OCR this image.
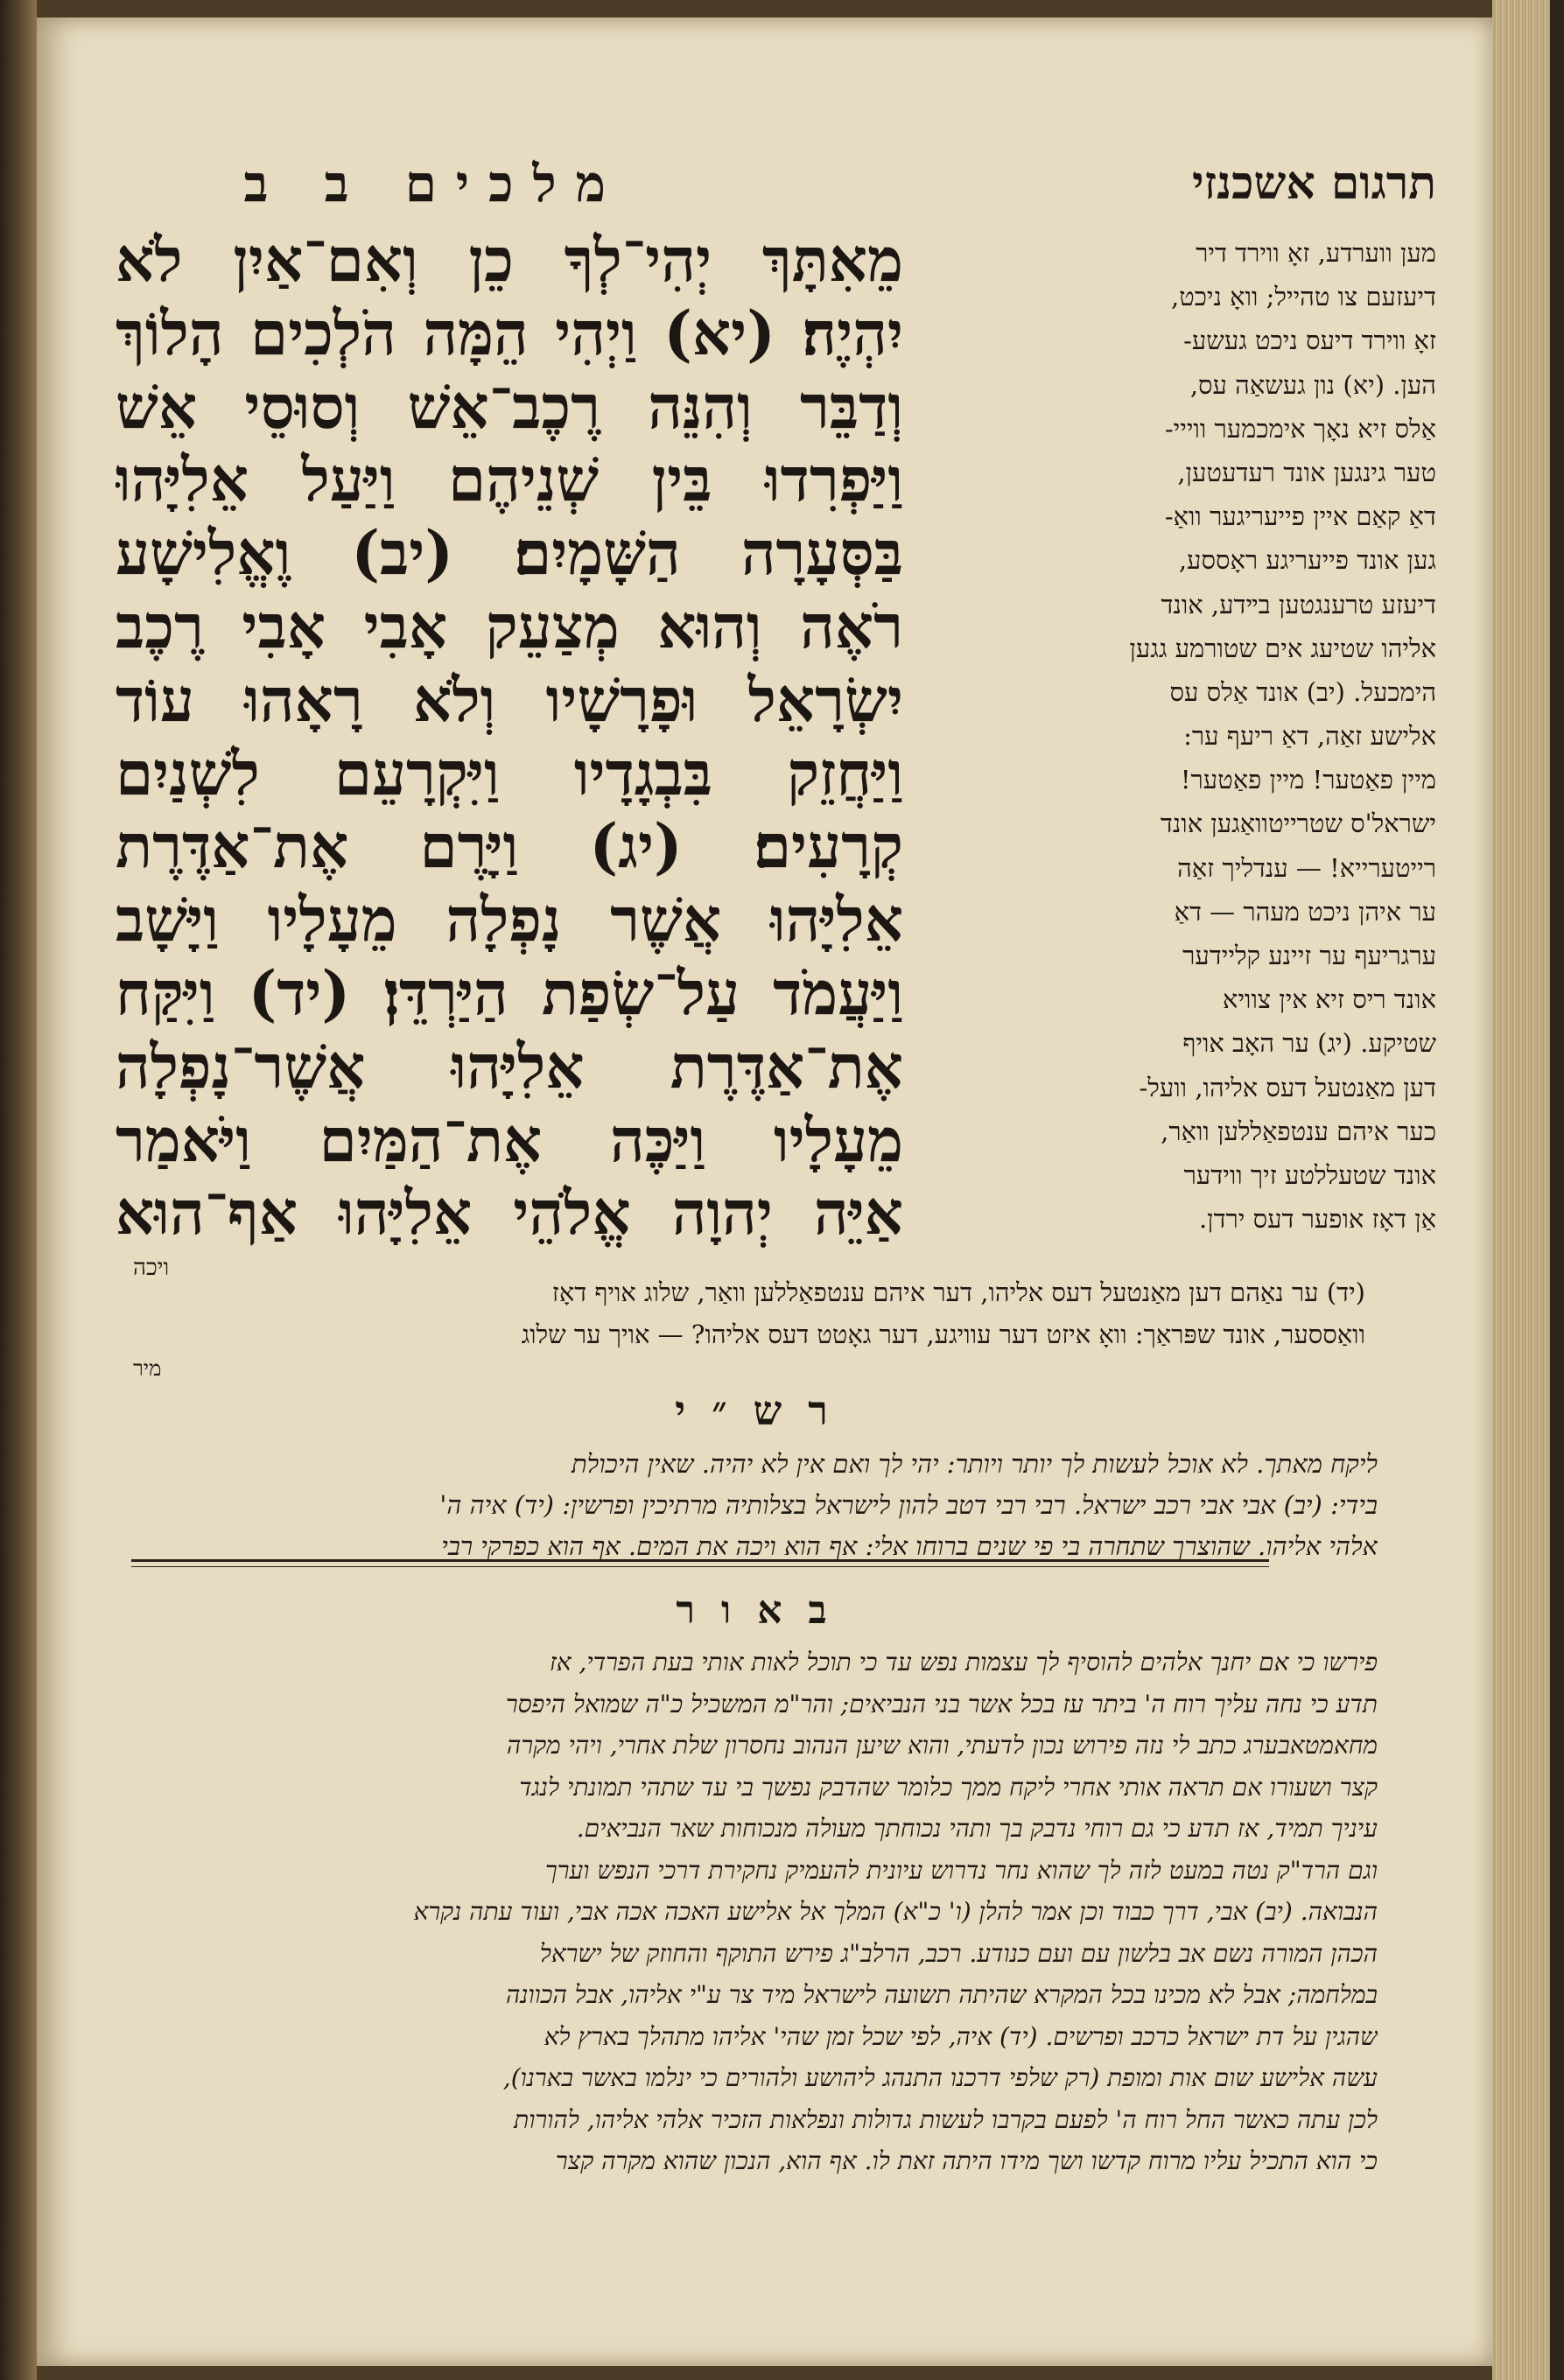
תרגום אשכנזי
מלכים ב ב
מֵאִתָּךְ יְהִי־לְךָ כֵן וְאִם־אַיִן לֹא
יִהְיֶה׃ (יא) וַיְהִי הֵמָּה הֹלְכִים הָלוֹךְ
וְדַבֵּר וְהִנֵּה רֶכֶב־אֵשׁ וְסוּסֵי אֵשׁ
וַיַּפְרִדוּ בֵּין שְׁנֵיהֶם וַיַּעַל אֵלִיָּהוּ
בַּסְּעָרָה הַשָּׁמָיִם׃ (יב) וֶאֱלִישָׁע
רֹאֶה וְהוּא מְצַעֵק אָבִי אָבִי רֶכֶב
יִשְׂרָאֵל וּפָרָשָׁיו וְלֹא רָאָהוּ עוֹד
וַיַּחֲזֵק בִּבְגָדָיו וַיִּקְרָעֵם לִשְׁנַיִם
קְרָעִים׃ (יג) וַיָּרֶם אֶת־אַדֶּרֶת
אֵלִיָּהוּ אֲשֶׁר נָפְלָה מֵעָלָיו וַיָּשָׁב
וַיַּעֲמֹד עַל־שְׂפַת הַיַּרְדֵּן׃ (יד) וַיִּקַּח
אֶת־אַדֶּרֶת אֵלִיָּהוּ אֲשֶׁר־נָפְלָה
מֵעָלָיו וַיַּכֶּה אֶת־הַמַּיִם וַיֹּאמַר
אַיֵּה יְהוָה אֱלֹהֵי אֵלִיָּהוּ אַף־הוּא
מען ווערדע, זאָ ווירד דיר
דיעזעם צו טהייל; וואָ ניכט,
זאָ ווירד דיעס ניכט געשע-
הען. (יא) נון געשאַה עס,
אַלס זיא נאָך אימכמער ווייי-
טער גינגען אונד רעדעטען,
דאַ קאַם איין פייעריגער וואַ-
גען אונד פייעריגע ראָססע,
דיעזע טרענגטען בײדע, אונד
אליהו שטיעג אים שטורמע גגען
הימכעל. (יב) אונד אַלס עס
אלישע זאַה, דאַ ריעף ער:
מיין פאַטער! מיין פאַטער!
ישראל'ס שטרייטוואַגען אונד
רייטערייא! — ענדליך זאַה
ער איהן ניכט מעהר — דאַ
ערגריעף ער זיינע קליידער
אונד ריס זיא אין צוויא
שטיקע. (יג) ער האָב אויף
דען מאַנטעל דעס אליהו, וועל-
כער איהם ענטפאַללען וואַר,
אונד שטעללטע זיך ווידער
אַן דאָז אופער דעס ירדן.
ויכה
(יד) ער נאַהם דען מאַנטעל דעס אליהו, דער איהם ענטפאַללען וואַר, שלוג אויף דאָז
וואַססער, אונד שפּראַך: וואָ איזט דער עוויגע, דער גאָטט דעס אליהו? — אויך ער שלוג
מיר
רש״י
ליקח מאתך. לא אוכל לעשות לך יותר ויותר: יהי לך ואם אין לא יהיה. שאין היכולת
בידי: (יב) אבי אבי רכב ישראל. רבי רבי דטב להון לישראל בצלותיה מרתיכין ופרשין: (יד) איה ה'
אלהי אליהו. שהוצרך שתחרה בי פי שנים ברוחו אלי: אף הוא ויכה את המים. אף הוא כפרקי רבי
באור
פירשו כי אם יחנך אלהים להוסיף לך עצמות נפש עד כי תוכל לאות אותי בעת הפרדי, אז
תדע כי נחה עליך רוח ה' ביתר עז בכל אשר בני הנביאים; והר"מ המשכיל כ"ה שמואל היפסר
מחאמטאבערג כתב לי נזה פירוש נכון לדעתי, והוא שיען הנהוב נחסרון שלת אחרי, ויהי מקרה
קצר ושעורו אם תראה אותי אחרי ליקח ממך כלומר שהדבק נפשך בי עד שתהי תמונתי לנגד
עיניך תמיד, אז תדע כי גם רוחי נדבק בך ותהי נכוחתך מעולה מנכוחות שאר הנביאים.
וגם הרד"ק נטה במעט לזה לך שהוא נחר נדרוש עיונית להעמיק נחקירת דרכי הנפש וערך
הנבואה. (יב) אבי, דרך כבוד וכן אמר להלן (ו' כ"א) המלך אל אלישע האכה אכה אבי, ועוד עתה נקרא
הכהן המורה נשם אב בלשון עם ועם כנודע. רכב, הרלב"ג פירש התוקף והחוזק של ישראל
במלחמה; אבל לא מכינו בכל המקרא שהיתה תשועה לישראל מיד צר ע"י אליהו, אבל הכוונה
שהגין על דת ישראל כרכב ופרשים. (יד) איה, לפי שכל זמן שהי' אליהו מתהלך בארץ לא
עשה אלישע שום אות ומופת (רק שלפי דרכנו התנהג ליהושע ולהורים כי ינלמו באשר בארנו),
לכן עתה כאשר החל רוח ה' לפעם בקרבו לעשות גדולות ונפלאות הזכיר אלהי אליהו, להורות
כי הוא התכיל עליו מרוח קדשו ושך מידו היתה זאת לו. אף הוא, הנכון שהוא מקרה קצר
